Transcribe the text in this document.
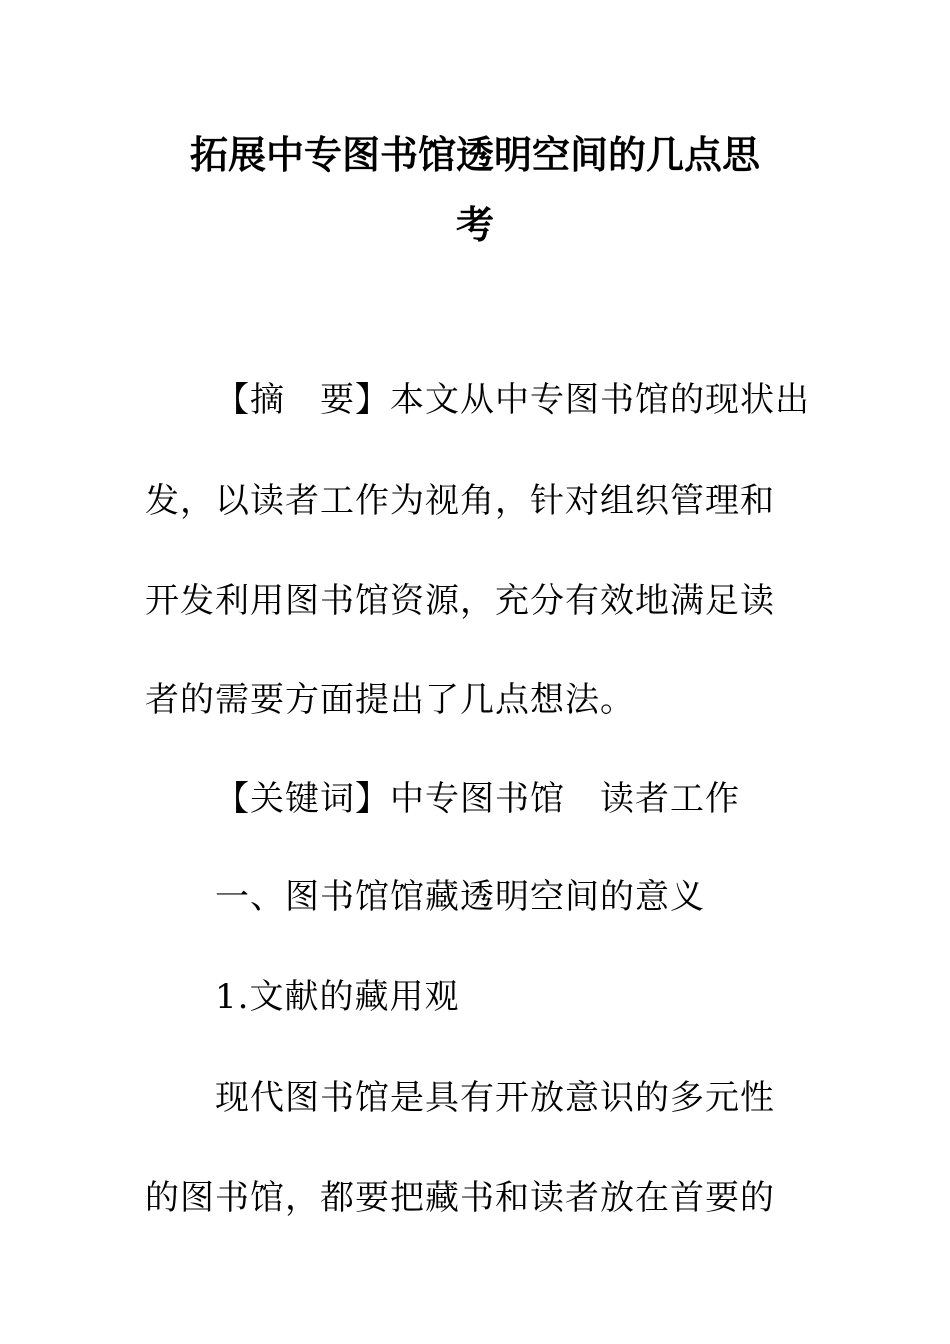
拓展中专图书馆透明空间的几点思
考
【摘　要】本文从中专图书馆的现状出
发，以读者工作为视角，针对组织管理和
开发利用图书馆资源，充分有效地满足读
者的需要方面提出了几点想法。
【关键词】中专图书馆　读者工作
一、图书馆馆藏透明空间的意义
1.文献的藏用观
现代图书馆是具有开放意识的多元性
的图书馆，都要把藏书和读者放在首要的
